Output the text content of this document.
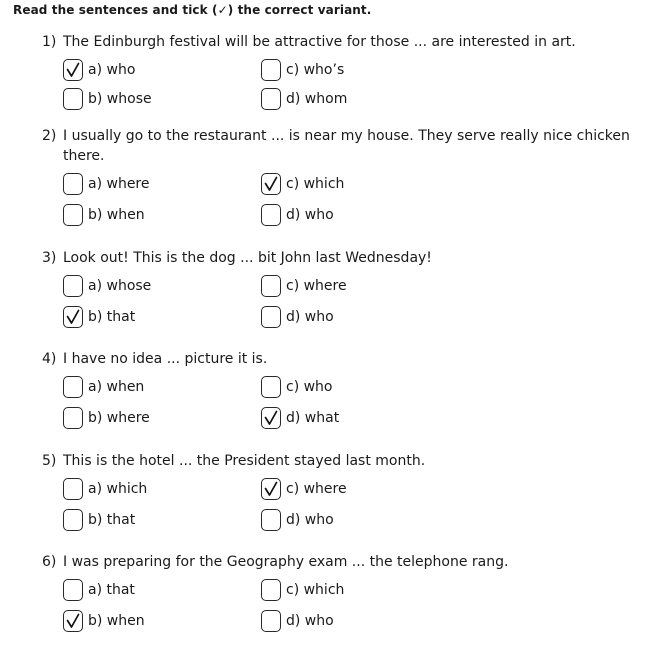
Read the sentences and tick (✓) the correct variant.
1) The Edinburgh festival will be attractive for those ... are interested in art.
a) who
b) whose
c) who’s
d) whom
2) I usually go to the restaurant ... is near my house. They serve really nice chicken there.
a) where
b) when
c) which
d) who
3) Look out! This is the dog ... bit John last Wednesday!
a) whose
b) that
c) where
d) who
4) I have no idea ... picture it is.
a) when
b) where
c) who
d) what
5) This is the hotel ... the President stayed last month.
a) which
b) that
c) where
d) who
6) I was preparing for the Geography exam ... the telephone rang.
a) that
b) when
c) which
d) who
